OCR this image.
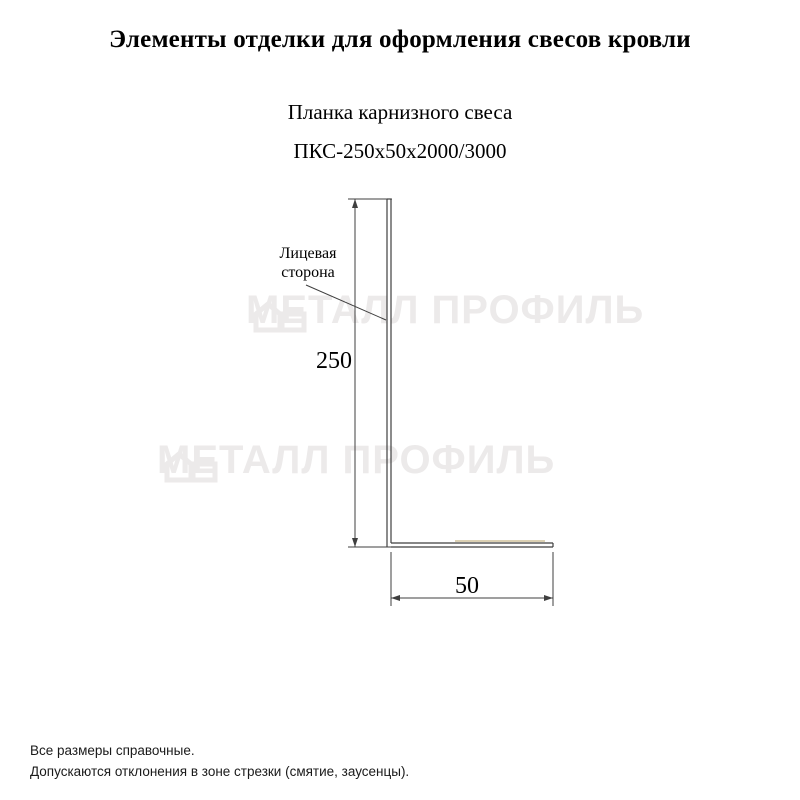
Элементы отделки для оформления свесов кровли
Планка карнизного свеса
ПКС-250x50x2000/3000
МЕТАЛЛ ПРОФИЛЬ
МЕТАЛЛ ПРОФИЛЬ
Лицевая
сторона
250
50
Все размеры справочные.
Допускаются отклонения в зоне стрезки (смятие, заусенцы).
